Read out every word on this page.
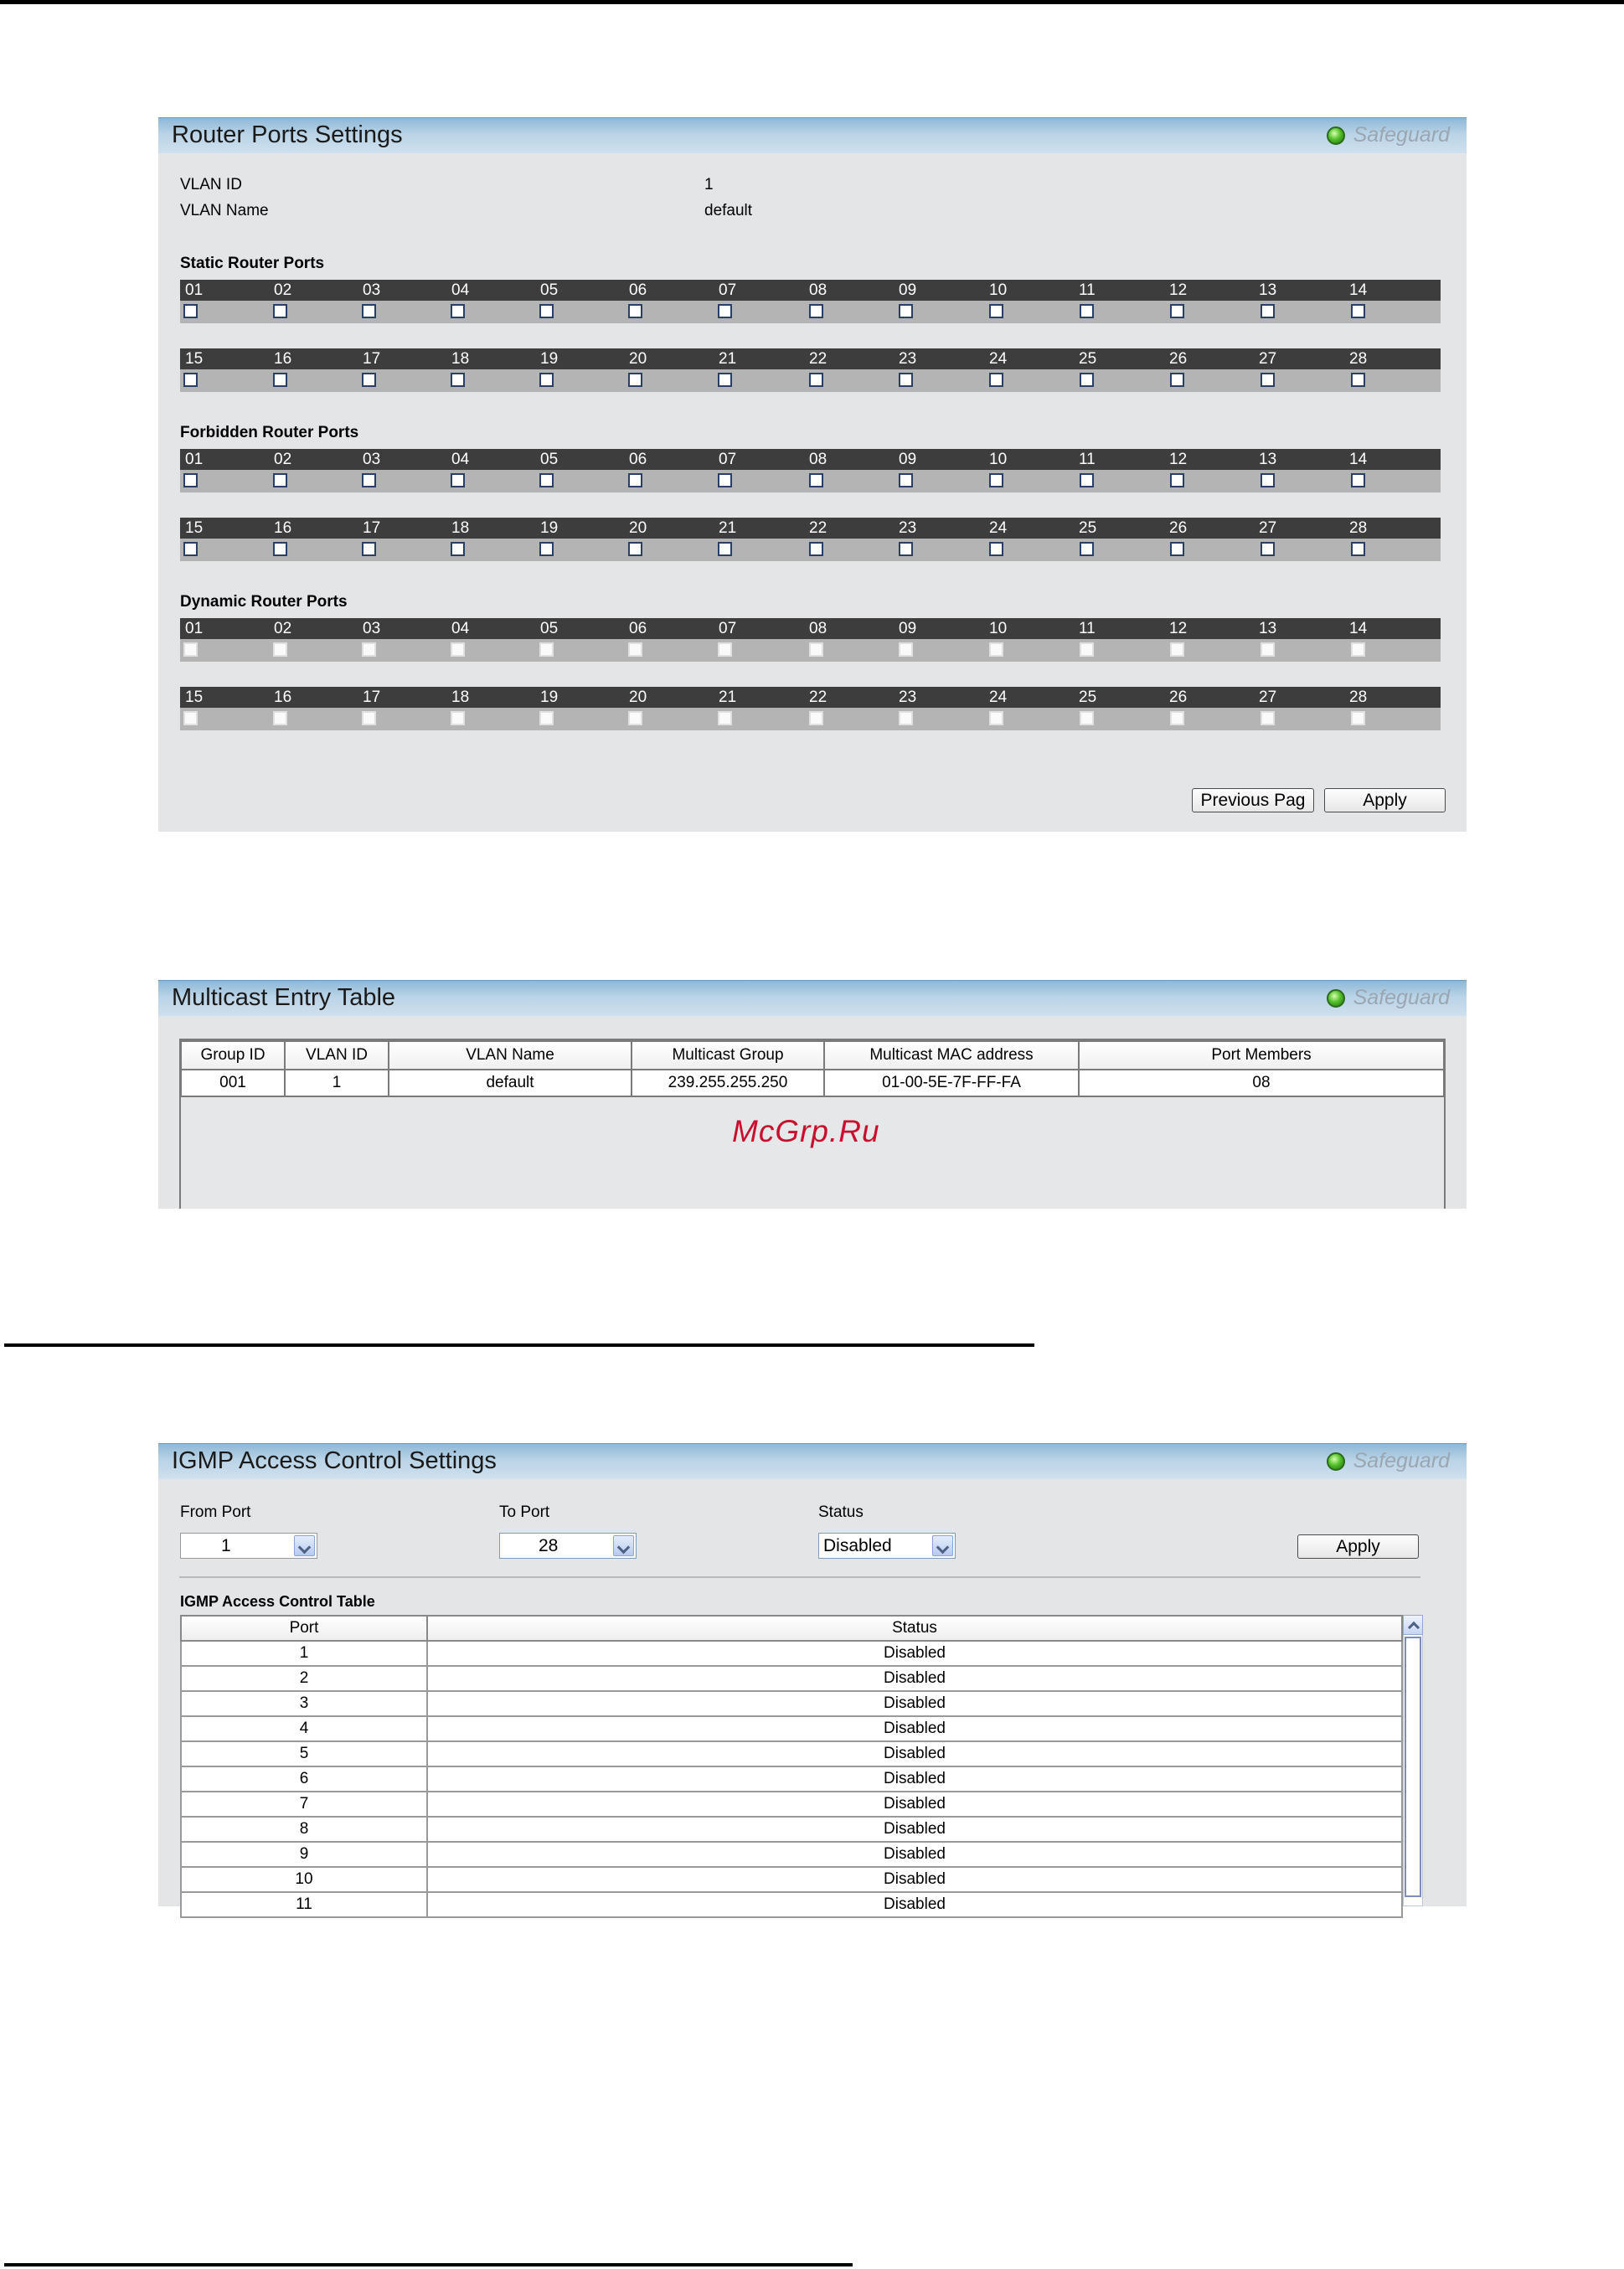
Router Ports Settings	Safeguard
VLAN ID	1
VLAN Name	default
Static Router Ports
01	02	03	04	05	06	07	08	09	10	11	12	13	14
15	16	17	18	19	20	21	22	23	24	25	26	27	28
Forbidden Router Ports
01	02	03	04	05	06	07	08	09	10	11	12	13	14
15	16	17	18	19	20	21	22	23	24	25	26	27	28
Dynamic Router Ports
01	02	03	04	05	06	07	08	09	10	11	12	13	14
15	16	17	18	19	20	21	22	23	24	25	26	27	28
Previous Pag	Apply
Multicast Entry Table	Safeguard
Group ID	VLAN ID	VLAN Name	Multicast Group	Multicast MAC address	Port Members
001	1	default	239.255.255.250	01-00-5E-7F-FF-FA	08
McGrp.Ru
IGMP Access Control Settings	Safeguard
From Port	To Port	Status
1	28	Disabled	Apply
IGMP Access Control Table
Port	Status
1	Disabled
2	Disabled
3	Disabled
4	Disabled
5	Disabled
6	Disabled
7	Disabled
8	Disabled
9	Disabled
10	Disabled
11	Disabled
